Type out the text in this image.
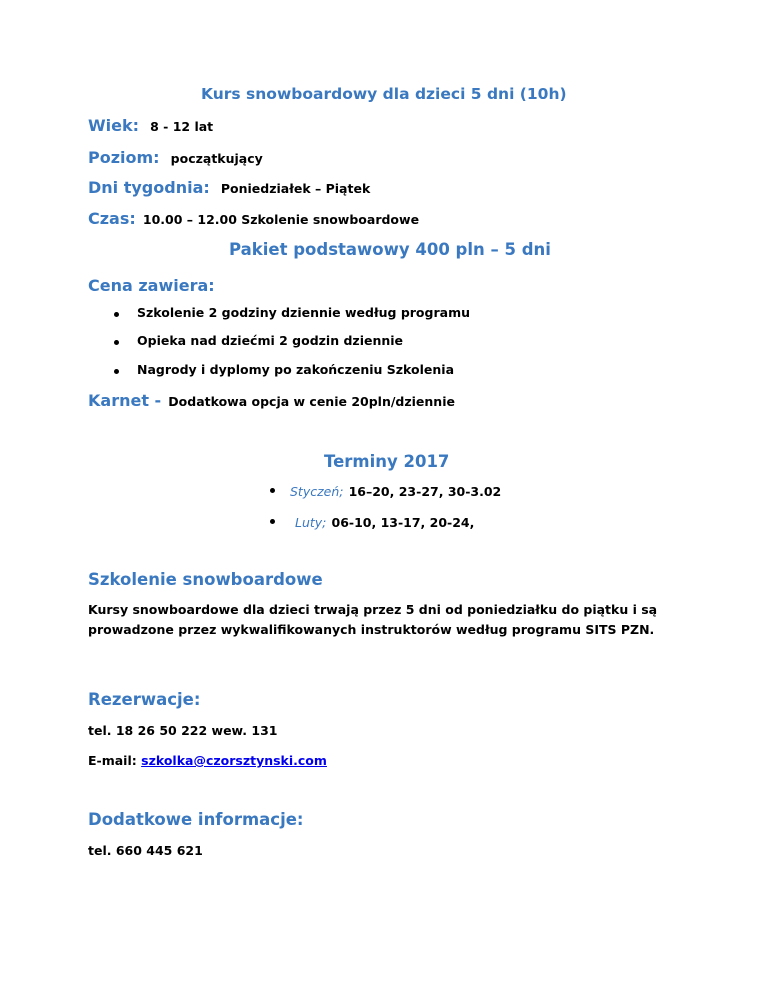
Kurs snowboardowy dla dzieci 5 dni (10h)
Wiek: 8 - 12 lat
Poziom: początkujący
Dni tygodnia: Poniedziałek – Piątek
Czas: 10.00 – 12.00 Szkolenie snowboardowe
Pakiet podstawowy 400 pln – 5 dni
Cena zawiera:
Szkolenie 2 godziny dziennie według programu
Opieka nad dziećmi 2 godzin dziennie
Nagrody i dyplomy po zakończeniu Szkolenia
Karnet - Dodatkowa opcja w cenie 20pln/dziennie
Terminy 2017
Styczeń; 16–20, 23-27, 30-3.02
Luty; 06-10, 13-17, 20-24,
Szkolenie snowboardowe
Kursy snowboardowe dla dzieci trwają przez 5 dni od poniedziałku do piątku i są prowadzone przez wykwalifikowanych instruktorów według programu SITS PZN.
Rezerwacje:
tel. 18 26 50 222 wew. 131
E-mail: szkolka@czorsztynski.com
Dodatkowe informacje:
tel. 660 445 621
